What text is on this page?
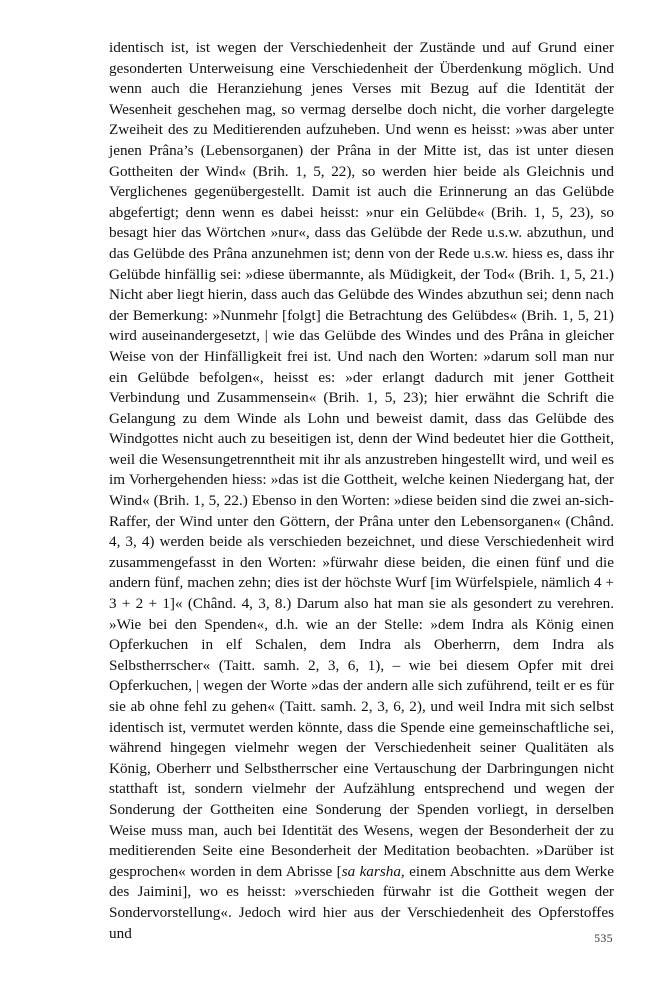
identisch ist, ist wegen der Verschiedenheit der Zustände und auf Grund einer gesonderten Unterweisung eine Verschiedenheit der Überdenkung möglich. Und wenn auch die Heranziehung jenes Verses mit Bezug auf die Identität der Wesenheit geschehen mag, so vermag derselbe doch nicht, die vorher dargelegte Zweiheit des zu Meditierenden aufzuheben. Und wenn es heisst: »was aber unter jenen Prâna’s (Lebensorganen) der Prâna in der Mitte ist, das ist unter diesen Gottheiten der Wind« (Brih. 1, 5, 22), so werden hier beide als Gleichnis und Verglichenes gegenübergestellt. Damit ist auch die Erinnerung an das Gelübde abgefertigt; denn wenn es dabei heisst: »nur ein Gelübde« (Brih. 1, 5, 23), so besagt hier das Wörtchen »nur«, dass das Gelübde der Rede u.s.w. abzuthun, und das Gelübde des Prâna anzunehmen ist; denn von der Rede u.s.w. hiess es, dass ihr Gelübde hinfällig sei: »diese übermannte, als Müdigkeit, der Tod« (Brih. 1, 5, 21.) Nicht aber liegt hierin, dass auch das Gelübde des Windes abzuthun sei; denn nach der Bemerkung: »Nunmehr [folgt] die Betrachtung des Gelübdes« (Brih. 1, 5, 21) wird auseinandergesetzt, | wie das Gelübde des Windes und des Prâna in gleicher Weise von der Hinfälligkeit frei ist. Und nach den Worten: »darum soll man nur ein Gelübde befolgen«, heisst es: »der erlangt dadurch mit jener Gottheit Verbindung und Zusammensein« (Brih. 1, 5, 23); hier erwähnt die Schrift die Gelangung zu dem Winde als Lohn und beweist damit, dass das Gelübde des Windgottes nicht auch zu beseitigen ist, denn der Wind bedeutet hier die Gottheit, weil die Wesensungetrenntheit mit ihr als anzustreben hingestellt wird, und weil es im Vorhergehenden hiess: »das ist die Gottheit, welche keinen Niedergang hat, der Wind« (Brih. 1, 5, 22.) Ebenso in den Worten: »diese beiden sind die zwei an-sich-Raffer, der Wind unter den Göttern, der Prâna unter den Lebensorganen« (Chând. 4, 3, 4) werden beide als verschieden bezeichnet, und diese Verschiedenheit wird zusammengefasst in den Worten: »fürwahr diese beiden, die einen fünf und die andern fünf, machen zehn; dies ist der höchste Wurf [im Würfelspiele, nämlich 4 + 3 + 2 + 1]« (Chând. 4, 3, 8.) Darum also hat man sie als gesondert zu verehren. »Wie bei den Spenden«, d.h. wie an der Stelle: »dem Indra als König einen Opferkuchen in elf Schalen, dem Indra als Oberherrn, dem Indra als Selbstherrscher« (Taitt. samh. 2, 3, 6, 1), – wie bei diesem Opfer mit drei Opferkuchen, | wegen der Worte »das der andern alle sich zuführend, teilt er es für sie ab ohne fehl zu gehen« (Taitt. samh. 2, 3, 6, 2), und weil Indra mit sich selbst identisch ist, vermutet werden könnte, dass die Spende eine gemeinschaftliche sei, während hingegen vielmehr wegen der Verschiedenheit seiner Qualitäten als König, Oberherr und Selbstherrscher eine Vertauschung der Darbringungen nicht statthaft ist, sondern vielmehr der Aufzählung entsprechend und wegen der Sonderung der Gottheiten eine Sonderung der Spenden vorliegt, in derselben Weise muss man, auch bei Identität des Wesens, wegen der Besonderheit der zu meditierenden Seite eine Besonderheit der Meditation beobachten. »Darüber ist gesprochen« worden in dem Abrisse [sa karsha, einem Abschnitte aus dem Werke des Jaimini], wo es heisst: »verschieden fürwahr ist die Gottheit wegen der Sondervorstellung«. Jedoch wird hier aus der Verschiedenheit des Opferstoffes und	535
